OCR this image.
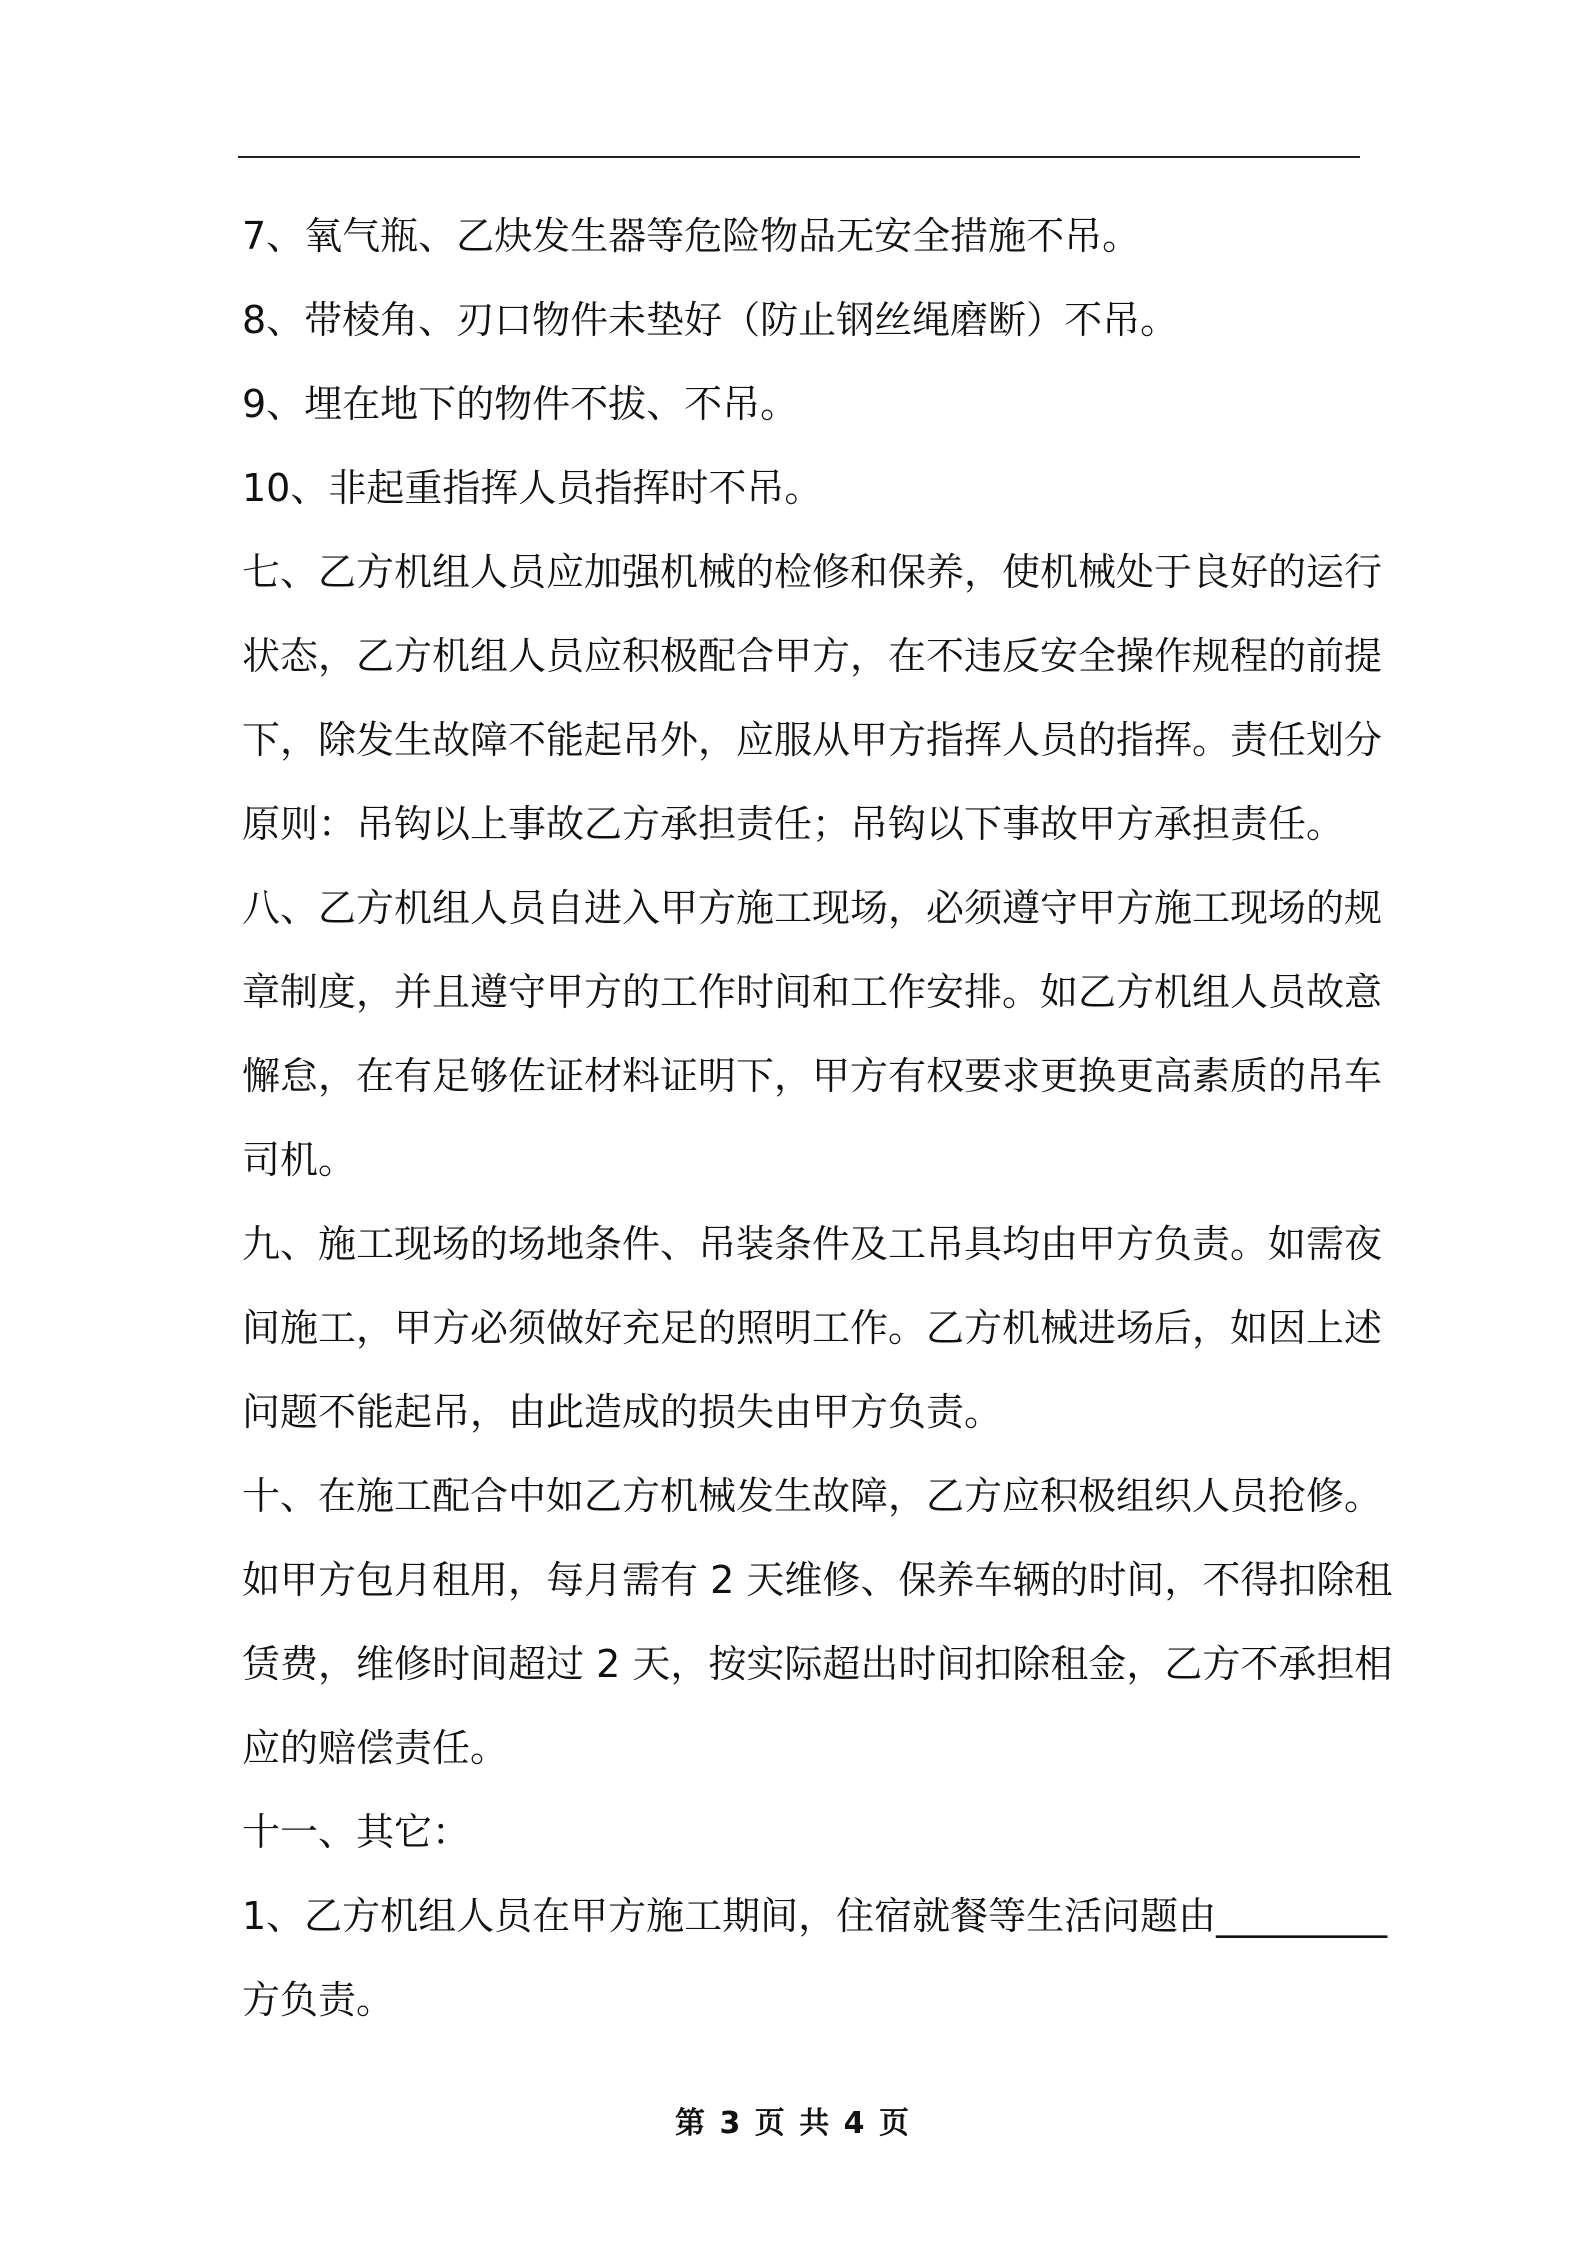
7、氧气瓶、乙炔发生器等危险物品无安全措施不吊。
8、带棱角、刃口物件未垫好（防止钢丝绳磨断）不吊。
9、埋在地下的物件不拔、不吊。
10、非起重指挥人员指挥时不吊。
七、乙方机组人员应加强机械的检修和保养，使机械处于良好的运行
状态，乙方机组人员应积极配合甲方，在不违反安全操作规程的前提
下，除发生故障不能起吊外，应服从甲方指挥人员的指挥。责任划分
原则：吊钩以上事故乙方承担责任；吊钩以下事故甲方承担责任。
八、乙方机组人员自进入甲方施工现场，必须遵守甲方施工现场的规
章制度，并且遵守甲方的工作时间和工作安排。如乙方机组人员故意
懈怠，在有足够佐证材料证明下，甲方有权要求更换更高素质的吊车
司机。
九、施工现场的场地条件、吊装条件及工吊具均由甲方负责。如需夜
间施工，甲方必须做好充足的照明工作。乙方机械进场后，如因上述
问题不能起吊，由此造成的损失由甲方负责。
十、在施工配合中如乙方机械发生故障，乙方应积极组织人员抢修。
如甲方包月租用，每月需有 2 天维修、保养车辆的时间，不得扣除租
赁费，维修时间超过 2 天，按实际超出时间扣除租金，乙方不承担相
应的赔偿责任。
十一、其它：
1、乙方机组人员在甲方施工期间，住宿就餐等生活问题由_________
方负责。
第 3 页 共 4 页
